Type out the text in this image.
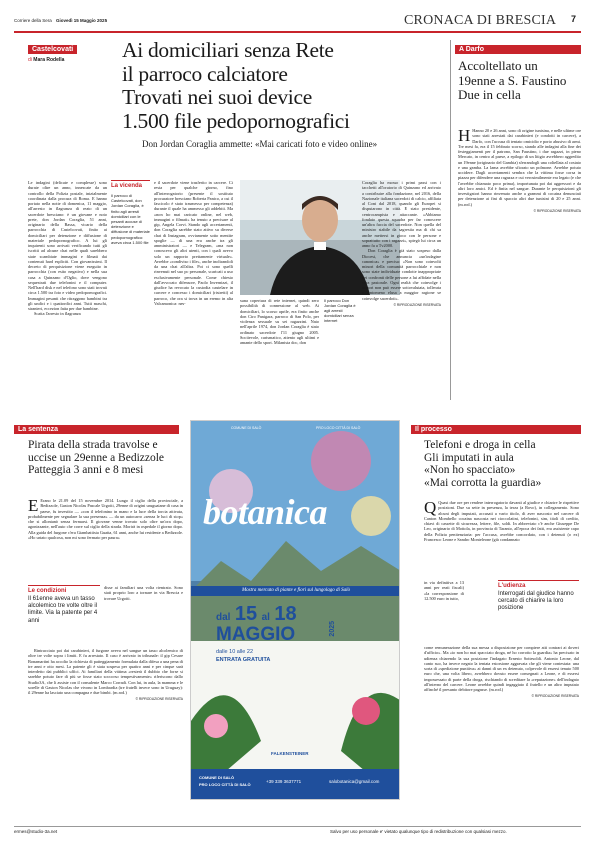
Corriere della Sera Giovedì 15 Maggio 2025	CRONACA DI BRESCIA 7
Castelcovati
di Mara Rodella	Ai domiciliari senza Rete
il parroco calciatore
Trovati nei suoi device
1.500 file pedopornografici
Don Jordan Coraglia ammette: «Mai caricati foto e video online»

Le indagini (delicate e complesse) sono durate oltre un anno, innescate da un controllo della Polizia postale, inizialmente coordinata dalla procura di Roma. E hanno portato nella notte di domenica, 11 maggio, all'arresto in flagranza di reato di un sacerdote bresciano: è un giovane e noto prete, don Jordan Coraglia, 51 anni, originario della Bassa, vicario della parrocchia di Castelcovati, finito ai domiciliari per detenzione e diffusione di materiale pedopornografico. A lui gli inquirenti sono arrivati verificando tutti gli iscritti ad alcune chat nelle quali sarebbero state scambiate immagini e filmati dai contenuti hard espliciti. Con giovanissimi. Il decreto di perquisizione viene eseguito in parrocchia (con esito negativo) e nella sua casa a Quinzano d'Oglio, dove vengono sequestrati due telefonini e il computer. Nell'hard disk e nel telefono sono stati trovati circa 1.500 tra foto e video pedopornografici. Immagini pesanti che ritraggono bambini tra gli undici e i quattordici anni. Tutti maschi, stranieri, eccezion fatta per due bambine.

Scatta l'arresto in flagranza

La vicenda
Il parroco di Castelcovati, don Jordan Coraglia, è finito agli arresti domiciliari con le pesanti accuse di detenzione e diffusione di materiale pedopornografico: aveva circa 1.500 file
e il sacerdote viene trasferito in carcere. Ci resta per qualche giorno, fino all'interrogatorio (presente il sostituto procuratore bresciano Roberta Panico, a cui il fascicolo è stato trasmesso per competenza) durante il quale ha ammesso gli addebiti. Ma «non ho mai caricato online, nel web, immagini o filmati» ha tenuto a precisare al gip, Angela Corvi. Stando agli accertamenti, don Coraglia sarebbe stato attivo su diverse chat di Instagram, ovviamente sotto mentite spoglie — di una era anche tra gli amministratori — e Telegram, «ma non conoscevo gli altri utenti, con i quali avevo solo un rapporto prettamente virtuale». Avrebbe «condiviso i file», anche inoltrandoli da una chat all'altra. Poi ci sono quelli rinvenuti nel suo pc personale, scaricati a uso esclusivamente personale. Come chiesto dall'avvocato difensore, Paolo Invernizzi, il giudice ha revocato la custodia cautelare in carcere e concesso i domiciliari (ristretti) al parroco, che ora si trova in un eremo in alta Valcamonica: nes-
suna copertura di rete internet, quindi zero possibilità di connessione al web. Ai domiciliari, lo scorso aprile, era finito anche don Ciro Panigara, parroco di San Polo, per violenza sessuale su sei ragazzini. Nato nell'aprile 1974, don Jordan Coraglia è stato ordinato sacerdote l'11 giugno 2005. Sociievole, carismatico, attento agli ultimi e amante dello sport. Milanista doc, don
Il parroco Don Jordan Coraglia è agli arresti domiciliari senza internet

Coraglia ha mosso i primi passi con i tacchetti all'oratorio di Quinzano ed arrivato a contribuire alla fondazione, nel 2016, della Nazionale italiana sacerdoti di calcio, affiliata al Coni dal 2018, quando gli Europei si disputarono in città. E stato presidente, centrocampista e attaccante. «Abbiamo fondato questa squadra per far conoscere un'altra faccia del sacerdote. Non quella del ministro stabile da sagrestia ma di chi sa anche mettersi in gioco con le persone e soprattutto con i ragazzi», spiegò lui circa un anno fa a Tv2000.

Don Coraglia è già stato sospeso dalla Diocesi, che annuncia «un'indagine canonica» e precisa: «Non sono coinvolti minori della comunità parrocchiale e non sono state individuate condotte inappropriate nei confronti delle persone a lui affidate nella cura pastorale. Ogni realtà che coinvolge i minori non può essere sottovalutata, tollerata e tantomeno elusa a maggior ragione se coinvolge sacerdoti».

© RIPRODUZIONE RISERVATA

A Darfo
Accoltellato un 19enne a S. Faustino Due in cella

H Hanno 20 e 26 anni, sono di origine tunisina, e nelle ultime ore sono stati arrestati dai carabinieri (e condotti in carcere), a Darfo, con l'accusa di tentato omicidio e porto abusivo di armi. Tre mesi fa, era il 15 febbraio scorso, stando alle indagini alla fine dei festeggiamenti per il patrono, San Faustino, i due ragazzi, in pieno Mercato, in centro al paese, a epilogo di un litigio avrebbero aggredito un 19enne (originario del Gambia) sferrandogli una coltellata al costato e una gamba. La lama avrebbe sfiorato un polmone. Avrebbe potuto uccidere. Dagli accertamenti sembra che la vittima fosse corsa in piazza per difendere una ragazza e cui verosimilmente era legato (e che l'avrebbe chiamato poco prima), importunata poi dai aggressori e da altri loro amici. Ed è finita nel sangue. Durante le perquisizioni gli investigatori hanno rinvenuto anche a grammi di cocaina denunciati per detenzione ai fini di spaccio altri due tunisini di 20 e 25 anni. (m.rod.)

© RIPRODUZIONE RISERVATA

La sentenza
Pirata della strada travolse e uccise un 29enne a Bedizzole Patteggia 3 anni e 8 mesi

E Erano le 21.09 del 15 novembre 2014. Lungo il ciglio della provinciale, a Bedizzole, Gaston Nicolas Pascale Urgoiti, 29enne di origini uruguaiane di casa in paese, fu investito — «con il telefonino in mano e la luce della torcia attivata, probabilmente per segnalare la sua presenza» — da un autocarro «senza le luci di stop» che si allontanò senza fermarsi. Il giovane venne trovato solo oltre un'ora dopo, agonizzante, nell'auto che corre sul ciglio della strada. Morirà in ospedale il giorno dopo. Alla guida del furgone c'era Giambattista Guatta, 61 anni, anche lui residente a Bedizzole. «Ho urtato qualcosa, non mi sono fermato per paura»

Le condizioni
Il 61enne aveva un tasso alcolemico tre volte oltre il limite. Via la patente per 4 anni
disse ai familiari una volta rientrato. Sono stati proprio loro a tornare in via Brescia e trovare Urgoiti.

Rintracciato poi dai carabinieri, il furgone aveva nel sangue un tasso alcolemico di oltre tre volte sopra i limiti. E fu arrestato. Il caso è arrivato in tribunale: il gip Cesare Bonamartini ha accolto la richiesta di patteggiamento formulata dalla difesa a una pena di tre anni e otto mesi. La patente gli è stata sospesa per quattro anni e per cinque sarà interdetto dai pubblici uffici. Ai familiari della vittima «resterà il dubbio che forse si sarebbe potuto fare di più se fosse stato soccorso tempestivamente» riferiscono dallo Studio3A, che li assiste con il consulente Marco Corradi. Con lui, in aula, la mamma e le sorelle di Gaston Nicolas che vivono in Lombardia (tre fratelli invece sono in Uruguay): il 29enne ha lasciato una compagna e due bimbi. (m.rod.)

© RIPRODUZIONE RISERVATA

COMUNE DI SALÒ	PRO LOCO CITTÀ DI SALÒ
botanica
Mostra mercato di piante e fiori sul lungolago di Salò
dal 15 al 18
MAGGIO	2025
dalle 10 alle 22
ENTRATA GRATUITA
FALKENSTEINER
COMUNE DI SALÒ
PRO LOCO CITTÀ DI SALÒ
+39 339 3637771	salobotanica@gmail.com
Il processo
Telefoni e droga in cella
Gli imputati in aula
«Non ho spacciato»
«Mai corrotta la guardia»

Q Quasi due ore per rendere interrogatorio davanti al giudice e chiarire le rispettive posizioni. Due su sette in presenza, la terza (a Rovo), in collegamento. Sono alcuni degli imputati, accusati a vario titolo, di aver nascosto nel carcere di Canton Mombello cocaina nascosta nei cioccolatini, telefonini, sim, titoli di credito, chiavi di cassette di sicurezza, lettere, file, soldi. In abbreviato c'è anche Giuseppe De Leo, originario di Mottola, in provincia di Taranto, all'epoca dei fatti, era assistente capo della Polizia penitenziaria: per l'accusa, avrebbe concordato, con i detenuti (o ex) Francesco Leone e Sandro Monteleone (già condannato

in via definitiva a 13 anni per reati fiscali) «la corresponsione di 12.500 euro in tutto,
L'udienza
Interrogati dal giudice hanno cercato di chiarire la loro posizione

come remunerazione della sua messa a disposizione per compiere atti contrari ai doveri d'ufficio». Ma «io non ho mai spacciato droga, né ho corrotto la guardia» ha precisato in udienza chiarendo la sua posizione l'indagato Ernesto Sottesoldi. Antonio Leone, dal canto suo, ha invece negato la tentata estorsione aggravata che gli viene contestata: una sorta di «spedizione punitiva» ai danni di un ex detenuto, colpevole di essersi tenuto 500 euro che, una volta libero, avrebbero dovuto essere consegnati a Leone, e di essersi impossessato di parte della droga, rischiando di screditare la «reputazione» dell'indagato all'interno del carcere. Leone avrebbe quindi ingaggiato il fratello e un altro imputato affinché il presunto debitore pagasse. (m.rod.)

© RIPRODUZIONE RISERVATA

ermes@studio-3a.net	Salvo per uso personale e' vietato qualunque tipo di redistribuzione con qualsiasi mezzo.
